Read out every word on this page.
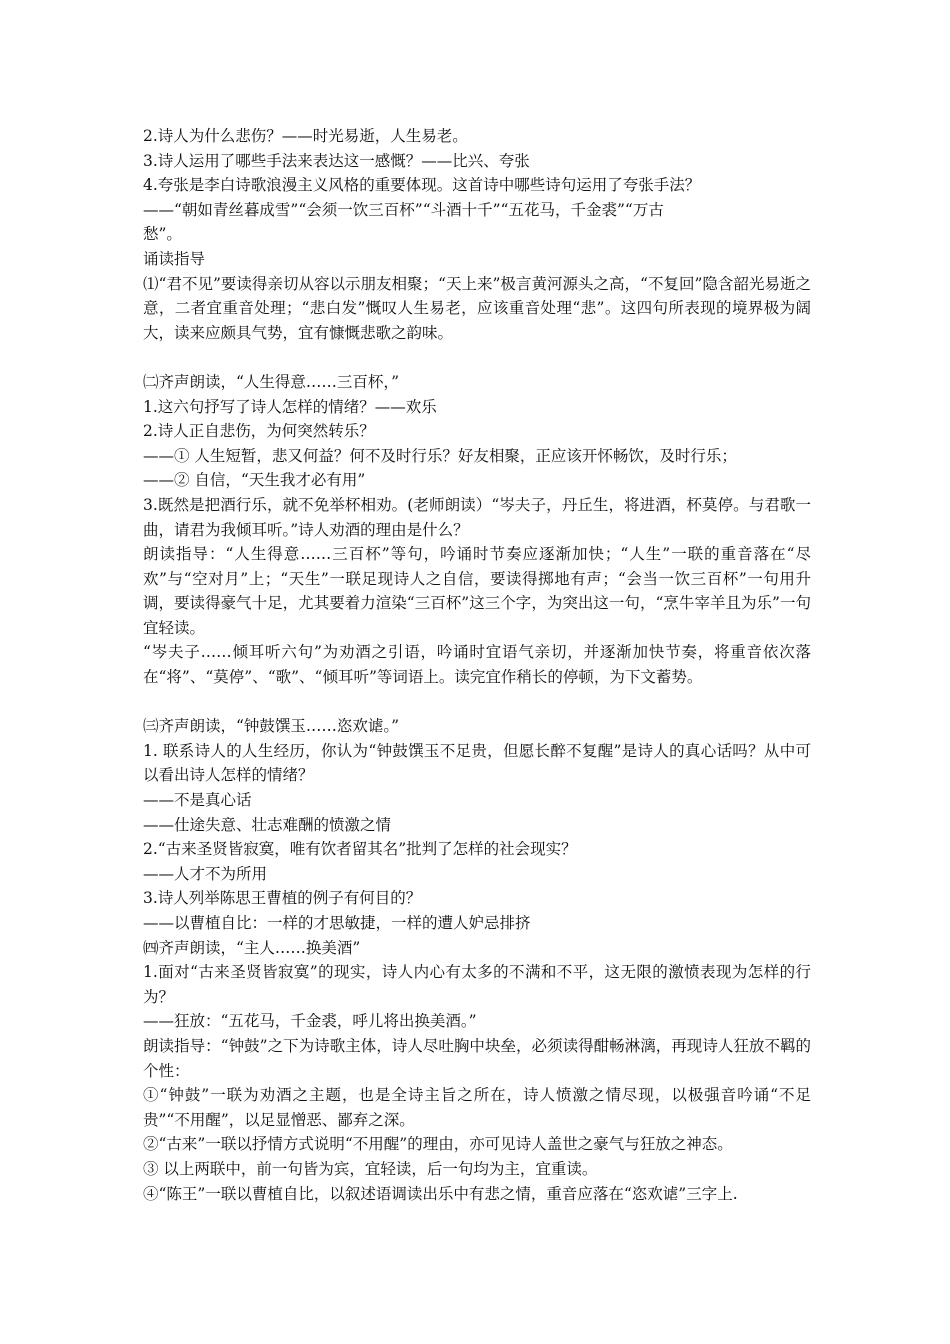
2.诗人为什么悲伤？——时光易逝，人生易老。
3.诗人运用了哪些手法来表达这一感慨？——比兴、夸张
4.夸张是李白诗歌浪漫主义风格的重要体现。这首诗中哪些诗句运用了夸张手法？
——“朝如青丝暮成雪”“会须一饮三百杯”“斗酒十千”“五花马，千金裘”“万古
愁”。
诵读指导
⑴“君不见”要读得亲切从容以示朋友相聚；“天上来”极言黄河源头之高，“不复回”隐含韶光易逝之意，二者宜重音处理；“悲白发”慨叹人生易老，应该重音处理“悲”。这四句所表现的境界极为阔大，读来应颇具气势，宜有慷慨悲歌之韵味。
㈡齐声朗读，“人生得意……三百杯，”
1.这六句抒写了诗人怎样的情绪？——欢乐
2.诗人正自悲伤，为何突然转乐？
——① 人生短暂，悲又何益？何不及时行乐？好友相聚，正应该开怀畅饮，及时行乐；
——② 自信，“天生我才必有用”
3.既然是把酒行乐，就不免举杯相劝。(老师朗读）“岑夫子，丹丘生，将进酒，杯莫停。与君歌一曲，请君为我倾耳听。”诗人劝酒的理由是什么？
朗读指导：“人生得意……三百杯”等句，吟诵时节奏应逐渐加快；“人生”一联的重音落在“尽欢”与“空对月”上；“天生”一联足现诗人之自信，要读得掷地有声；“会当一饮三百杯”一句用升调，要读得豪气十足，尤其要着力渲染“三百杯”这三个字，为突出这一句，“烹牛宰羊且为乐”一句宜轻读。
“岑夫子……倾耳听六句”为劝酒之引语，吟诵时宜语气亲切，并逐渐加快节奏，将重音依次落在“将”、“莫停”、“歌”、“倾耳听”等词语上。读完宜作稍长的停顿，为下文蓄势。
㈢齐声朗读，“钟鼓馔玉……恣欢谑。”
1. 联系诗人的人生经历，你认为“钟鼓馔玉不足贵，但愿长醉不复醒”是诗人的真心话吗？从中可以看出诗人怎样的情绪？
——不是真心话
——仕途失意、壮志难酬的愤激之情
2.“古来圣贤皆寂寞，唯有饮者留其名”批判了怎样的社会现实？
——人才不为所用
3.诗人列举陈思王曹植的例子有何目的？
——以曹植自比：一样的才思敏捷，一样的遭人妒忌排挤
㈣齐声朗读，“主人……换美酒”
1.面对“古来圣贤皆寂寞”的现实，诗人内心有太多的不满和不平，这无限的激愤表现为怎样的行为？
——狂放：“五花马，千金裘，呼儿将出换美酒。”
朗读指导：“钟鼓”之下为诗歌主体，诗人尽吐胸中块垒，必须读得酣畅淋漓，再现诗人狂放不羁的个性：
①“钟鼓”一联为劝酒之主题，也是全诗主旨之所在，诗人愤激之情尽现，以极强音吟诵“不足贵”“不用醒”，以足显憎恶、鄙弃之深。
②“古来”一联以抒情方式说明“不用醒”的理由，亦可见诗人盖世之豪气与狂放之神态。
③ 以上两联中，前一句皆为宾，宜轻读，后一句均为主，宜重读。
④“陈王”一联以曹植自比，以叙述语调读出乐中有悲之情，重音应落在“恣欢谑”三字上.
